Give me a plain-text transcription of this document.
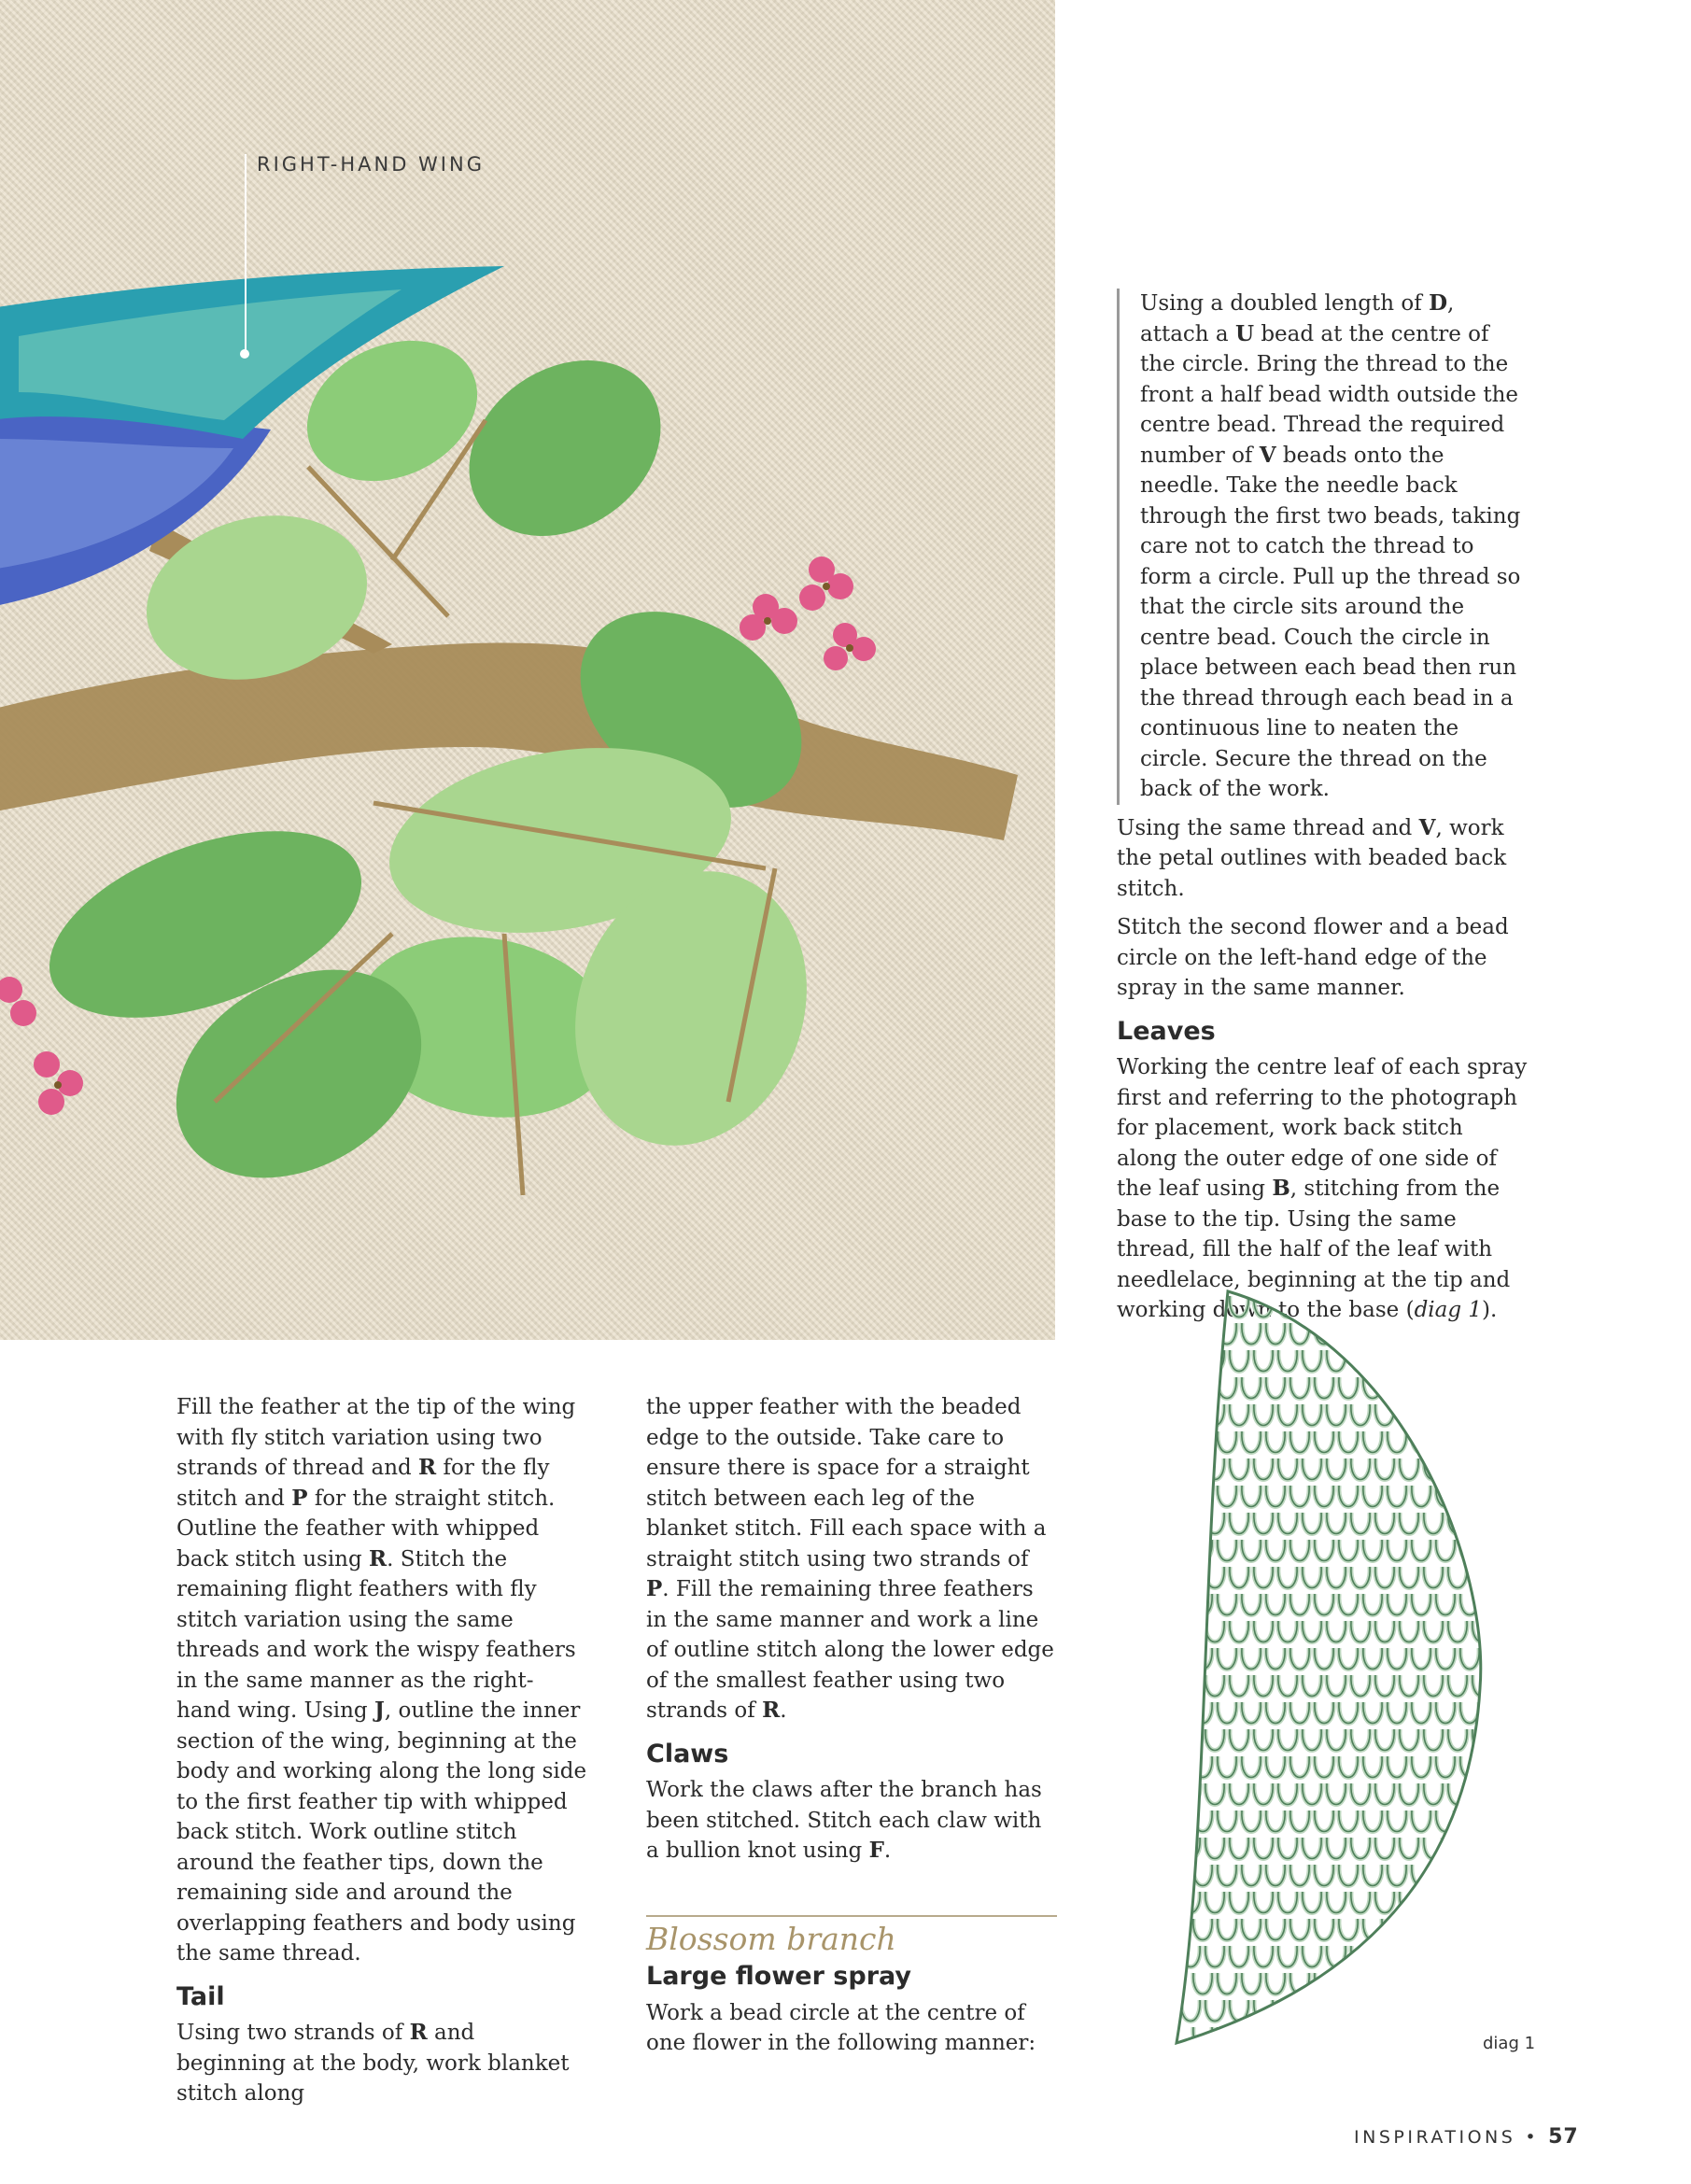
RIGHT-HAND WING

Using a doubled length of D, attach a U bead at the centre of the circle. Bring the thread to the front a half bead width outside the centre bead. Thread the required number of V beads onto the needle. Take the needle back through the first two beads, taking care not to catch the thread to form a circle. Pull up the thread so that the circle sits around the centre bead. Couch the circle in place between each bead then run the thread through each bead in a continuous line to neaten the circle. Secure the thread on the back of the work.

Using the same thread and V, work the petal outlines with beaded back stitch.

Stitch the second flower and a bead circle on the left-hand edge of the spray in the same manner.

Leaves

Working the centre leaf of each spray first and referring to the photograph for placement, work back stitch along the outer edge of one side of the leaf using B, stitching from the base to the tip. Using the same thread, fill the half of the leaf with needlelace, beginning at the tip and working down to the base (diag 1).

diag 1

Fill the feather at the tip of the wing with fly stitch variation using two strands of thread and R for the fly stitch and P for the straight stitch. Outline the feather with whipped back stitch using R. Stitch the remaining flight feathers with fly stitch variation using the same threads and work the wispy feathers in the same manner as the right-hand wing. Using J, outline the inner section of the wing, beginning at the body and working along the long side to the first feather tip with whipped back stitch. Work outline stitch around the feather tips, down the remaining side and around the overlapping feathers and body using the same thread.

Tail

Using two strands of R and beginning at the body, work blanket stitch along

the upper feather with the beaded edge to the outside. Take care to ensure there is space for a straight stitch between each leg of the blanket stitch. Fill each space with a straight stitch using two strands of P. Fill the remaining three feathers in the same manner and work a line of outline stitch along the lower edge of the smallest feather using two strands of R.

Claws

Work the claws after the branch has been stitched. Stitch each claw with a bullion knot using F.

Blossom branch
Large flower spray

Work a bead circle at the centre of one flower in the following manner:

INSPIRATIONS • 57
